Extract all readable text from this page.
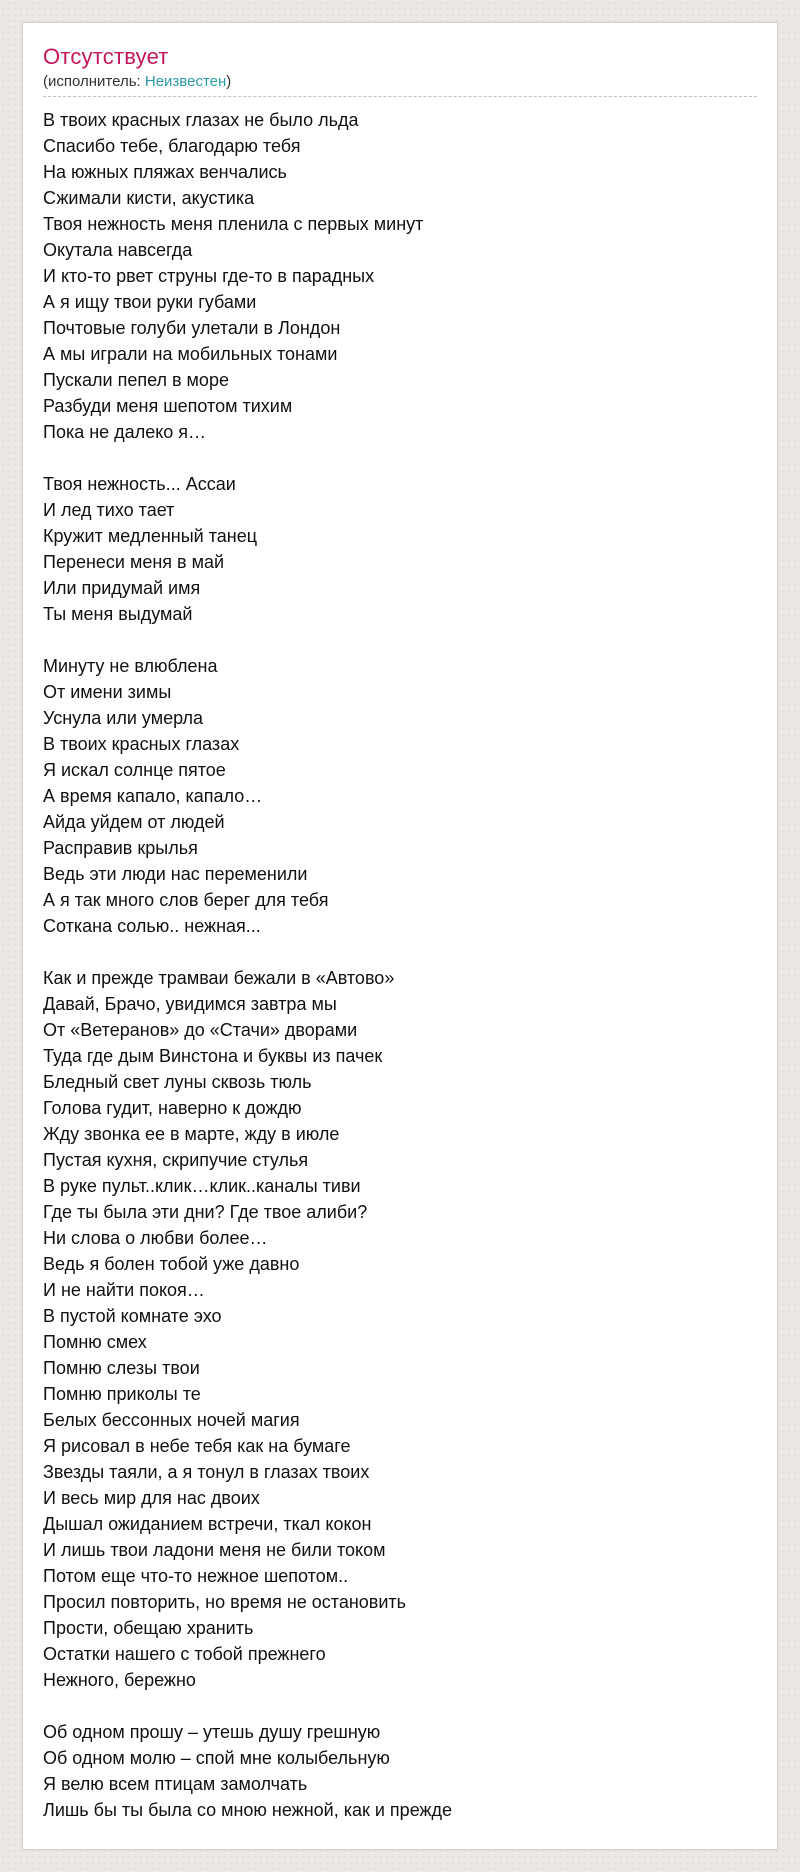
Отсутствует
(исполнитель: Неизвестен)
В твоих красных глазах не было льда
Спасибо тебе, благодарю тебя
На южных пляжах венчались
Сжимали кисти, акустика
Твоя нежность меня пленила с первых минут
Окутала навсегда
И кто-то рвет струны где-то в парадных
А я ищу твои руки губами
Почтовые голуби улетали в Лондон
А мы играли на мобильных тонами
Пускали пепел в море
Разбуди меня шепотом тихим
Пока не далеко я…

Твоя нежность... Ассаи
И лед тихо тает
Кружит медленный танец
Перенеси меня в май
Или придумай имя
Ты меня выдумай

Минуту не влюблена
От имени зимы
Уснула или умерла
В твоих красных глазах
Я искал солнце пятое
А время капало, капало…
Айда уйдем от людей
Расправив крылья
Ведь эти люди нас переменили
А я так много слов берег для тебя
Соткана солью.. нежная...

Как и прежде трамваи бежали в «Автово»
Давай, Брачо, увидимся завтра мы
От «Ветеранов» до «Стачи» дворами
Туда где дым Винстона и буквы из пачек
Бледный свет луны сквозь тюль
Голова гудит, наверно к дождю
Жду звонка ее в марте, жду в июле
Пустая кухня, скрипучие стулья
В руке пульт..клик…клик..каналы тиви
Где ты была эти дни? Где твое алиби?
Ни слова о любви более…
Ведь я болен тобой уже давно
И не найти покоя…
В пустой комнате эхо
Помню смех
Помню слезы твои
Помню приколы те
Белых бессонных ночей магия
Я рисовал в небе тебя как на бумаге
Звезды таяли, а я тонул в глазах твоих
И весь мир для нас двоих
Дышал ожиданием встречи, ткал кокон
И лишь твои ладони меня не били током
Потом еще что-то нежное шепотом..
Просил повторить, но время не остановить
Прости, обещаю хранить
Остатки нашего с тобой прежнего
Нежного, бережно

Об одном прошу – утешь душу грешную
Об одном молю – спой мне колыбельную
Я велю всем птицам замолчать
Лишь бы ты была со мною нежной, как и прежде
